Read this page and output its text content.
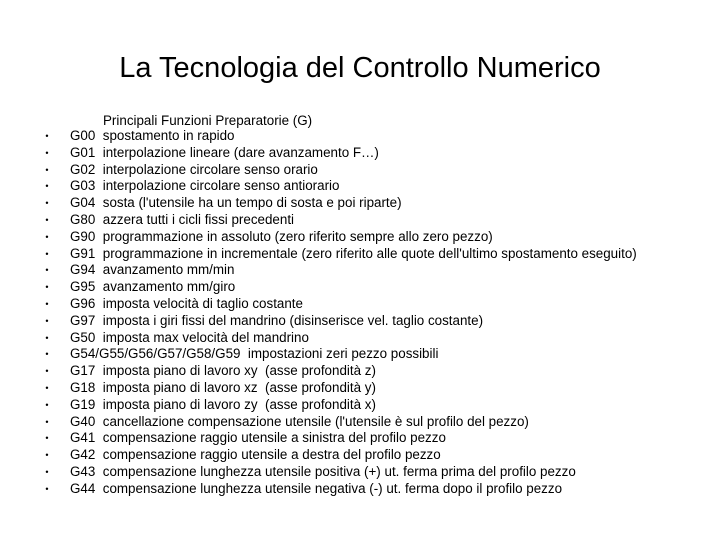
La Tecnologia del Controllo Numerico
Principali Funzioni Preparatorie (G)
• G00  spostamento in rapido
• G01  interpolazione lineare (dare avanzamento F…)
• G02  interpolazione circolare senso orario
• G03  interpolazione circolare senso antiorario
• G04  sosta (l'utensile ha un tempo di sosta e poi riparte)
• G80  azzera tutti i cicli fissi precedenti
• G90  programmazione in assoluto (zero riferito sempre allo zero pezzo)
• G91  programmazione in incrementale (zero riferito alle quote dell'ultimo spostamento eseguito)
• G94  avanzamento mm/min
• G95  avanzamento mm/giro
• G96  imposta velocità di taglio costante
• G97  imposta i giri fissi del mandrino (disinserisce vel. taglio costante)
• G50  imposta max velocità del mandrino
• G54/G55/G56/G57/G58/G59  impostazioni zeri pezzo possibili
• G17  imposta piano di lavoro xy  (asse profondità z)
• G18  imposta piano di lavoro xz  (asse profondità y)
• G19  imposta piano di lavoro zy  (asse profondità x)
• G40  cancellazione compensazione utensile (l'utensile è sul profilo del pezzo)
• G41  compensazione raggio utensile a sinistra del profilo pezzo
• G42  compensazione raggio utensile a destra del profilo pezzo
• G43  compensazione lunghezza utensile positiva (+) ut. ferma prima del profilo pezzo
• G44  compensazione lunghezza utensile negativa (-) ut. ferma dopo il profilo pezzo
